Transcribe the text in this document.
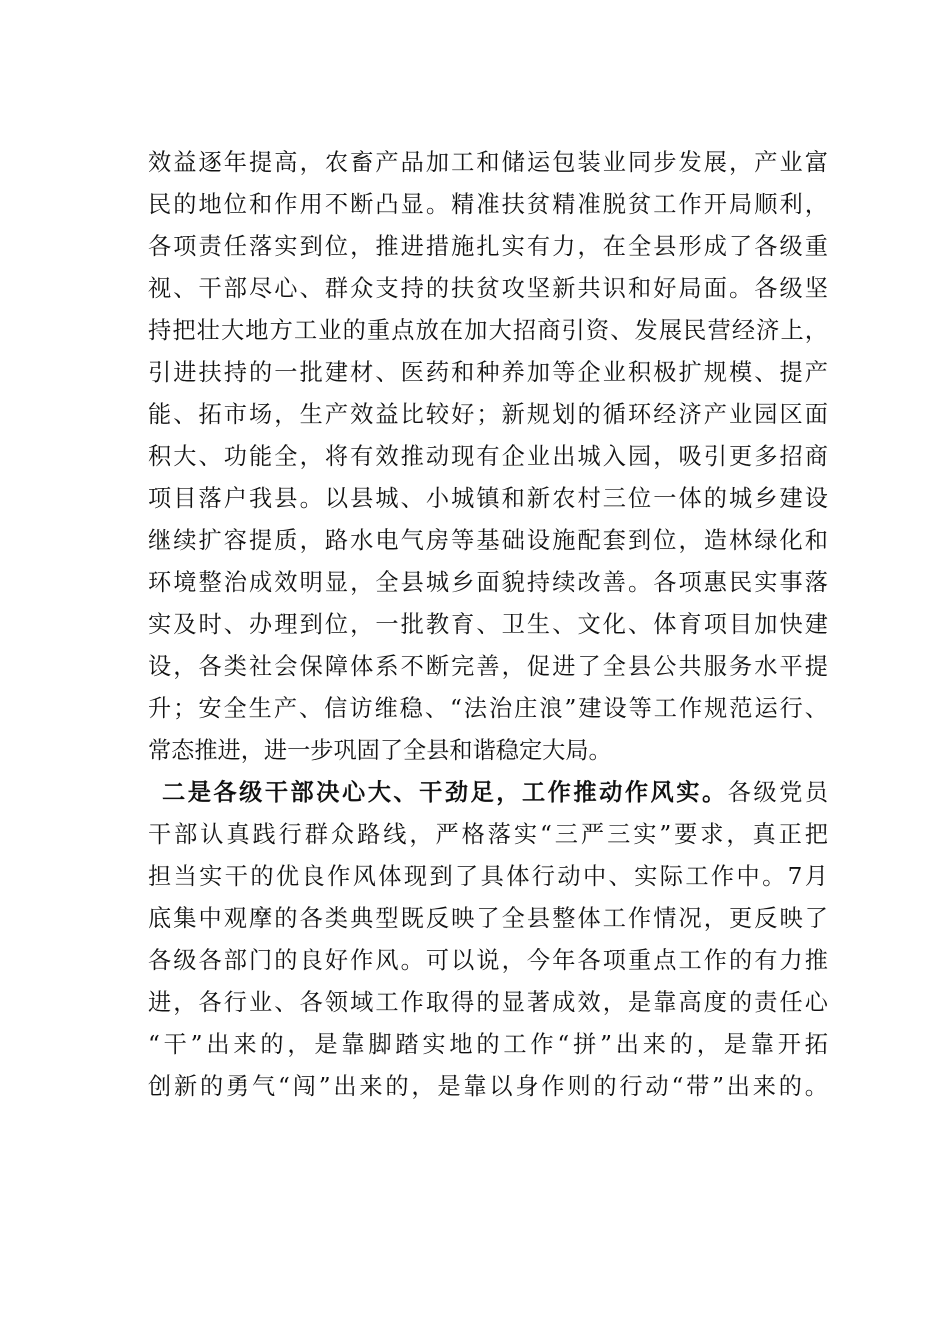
效益逐年提高，农畜产品加工和储运包装业同步发展，产业富
民的地位和作用不断凸显。精准扶贫精准脱贫工作开局顺利，
各项责任落实到位，推进措施扎实有力，在全县形成了各级重
视、干部尽心、群众支持的扶贫攻坚新共识和好局面。各级坚
持把壮大地方工业的重点放在加大招商引资、发展民营经济上，
引进扶持的一批建材、医药和种养加等企业积极扩规模、提产
能、拓市场，生产效益比较好；新规划的循环经济产业园区面
积大、功能全，将有效推动现有企业出城入园，吸引更多招商
项目落户我县。以县城、小城镇和新农村三位一体的城乡建设
继续扩容提质，路水电气房等基础设施配套到位，造林绿化和
环境整治成效明显，全县城乡面貌持续改善。各项惠民实事落
实及时、办理到位，一批教育、卫生、文化、体育项目加快建
设，各类社会保障体系不断完善，促进了全县公共服务水平提
升；安全生产、信访维稳、“法治庄浪”建设等工作规范运行、
常态推进，进一步巩固了全县和谐稳定大局。
二是各级干部决心大、干劲足，工作推动作风实。各级党员
干部认真践行群众路线，严格落实“三严三实”要求，真正把
担当实干的优良作风体现到了具体行动中、实际工作中。7月
底集中观摩的各类典型既反映了全县整体工作情况，更反映了
各级各部门的良好作风。可以说，今年各项重点工作的有力推
进，各行业、各领域工作取得的显著成效，是靠高度的责任心
“干”出来的，是靠脚踏实地的工作“拼”出来的，是靠开拓
创新的勇气“闯”出来的，是靠以身作则的行动“带”出来的。
